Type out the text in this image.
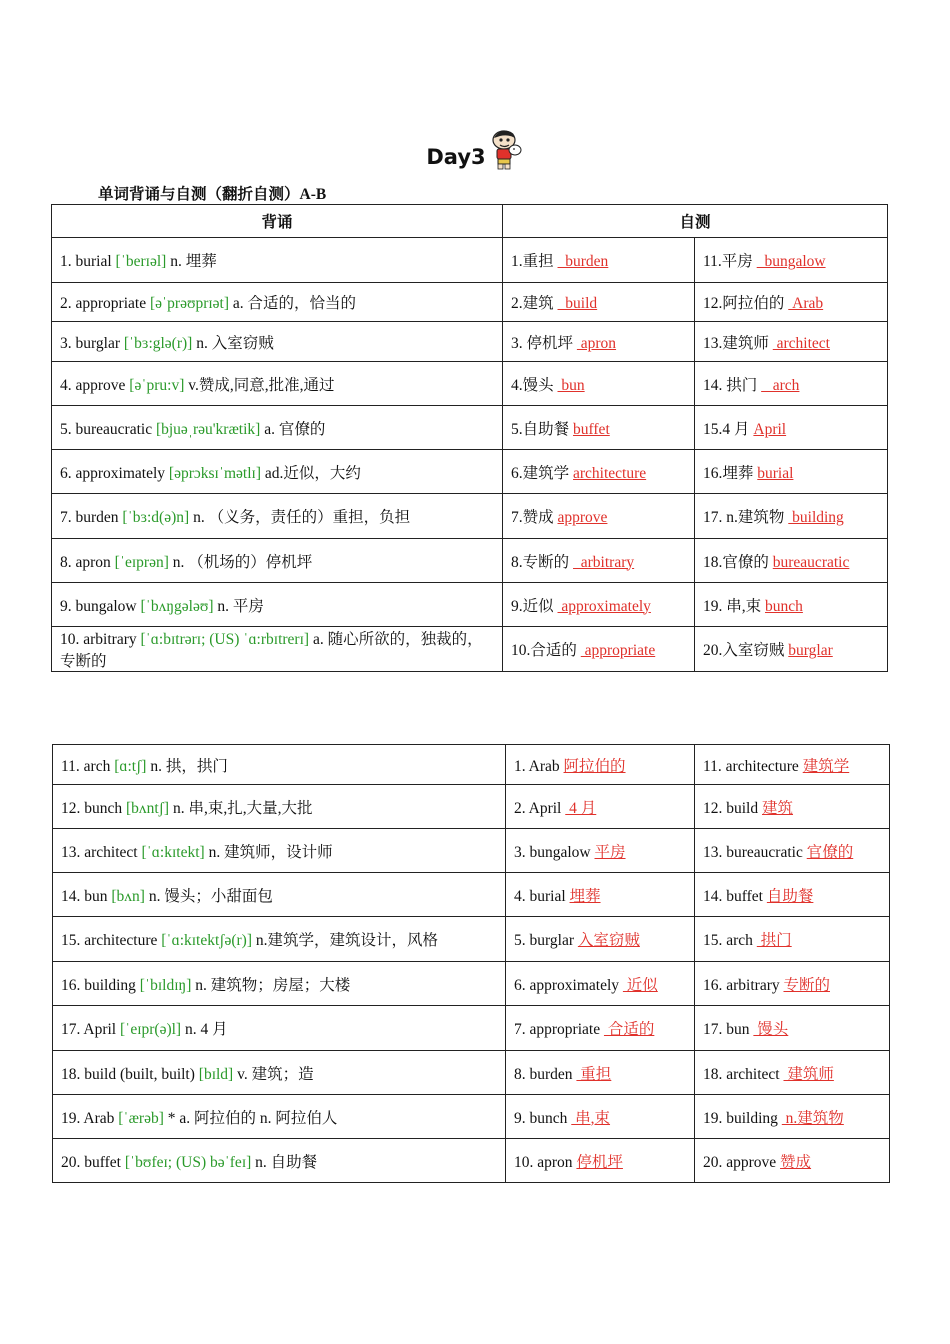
Day3
单词背诵与自测（翻折自测）A-B
背诵	自测	
1. burial [ˈberɪəl] n. 埋葬	1.重担   burden	11.平房   bungalow
2. appropriate [əˈprəʊprɪət] a. 合适的，恰当的	2.建筑   build	12.阿拉伯的  Arab
3. burglar [ˈbɜ:glə(r)] n. 入室窃贼	3. 停机坪  apron	13.建筑师  architect
4. approve [əˈpru:v] v.赞成,同意,批准,通过	4.馒头  bun	14. 拱门    arch
5. bureaucratic [bjuəˌrəu'krætik] a. 官僚的	5.自助餐 buffet	15.4 月 April
6. approximately [əprɔksɪˈmətlɪ] ad.近似，大约	6.建筑学 architecture	16.埋葬 burial
7. burden [ˈbɜ:d(ə)n] n. （义务，责任的）重担，负担	7.赞成 approve	17. n.建筑物  building
8. apron [ˈeɪprən] n. （机场的）停机坪	8.专断的   arbitrary	18.官僚的 bureaucratic
9. bungalow [ˈbʌŋgələʊ] n. 平房	9.近似  approximately	19. 串,束 bunch
10. arbitrary [ˈɑ:bɪtrərɪ; (US) ˈɑ:rbɪtrerɪ] a. 随心所欲的，独裁的，专断的	10.合适的  appropriate	20.入室窃贼 burglar
11. arch [ɑ:tʃ] n. 拱，拱门	1. Arab 阿拉伯的	11. architecture 建筑学
12. bunch [bʌntʃ] n. 串,束,扎,大量,大批	2. April  4 月	12. build 建筑
13. architect [ˈɑ:kɪtekt] n. 建筑师，设计师	3. bungalow 平房	13. bureaucratic 官僚的
14. bun [bʌn] n. 馒头；小甜面包	4. burial 埋葬	14. buffet 自助餐
15. architecture [ˈɑ:kɪtektʃə(r)] n.建筑学，建筑设计，风格	5. burglar 入室窃贼	15. arch  拱门
16. building [ˈbɪldɪŋ] n. 建筑物；房屋；大楼	6. approximately  近似	16. arbitrary 专断的
17. April [ˈeɪpr(ə)l] n. 4 月	7. appropriate  合适的	17. bun  馒头
18. build (built, built) [bɪld] v. 建筑；造	8. burden  重担	18. architect  建筑师
19. Arab [ˈærəb] * a. 阿拉伯的 n. 阿拉伯人	9. bunch  串,束	19. building  n.建筑物
20. buffet [ˈbʊfeɪ; (US) bəˈfeɪ] n. 自助餐	10. apron 停机坪	20. approve 赞成
